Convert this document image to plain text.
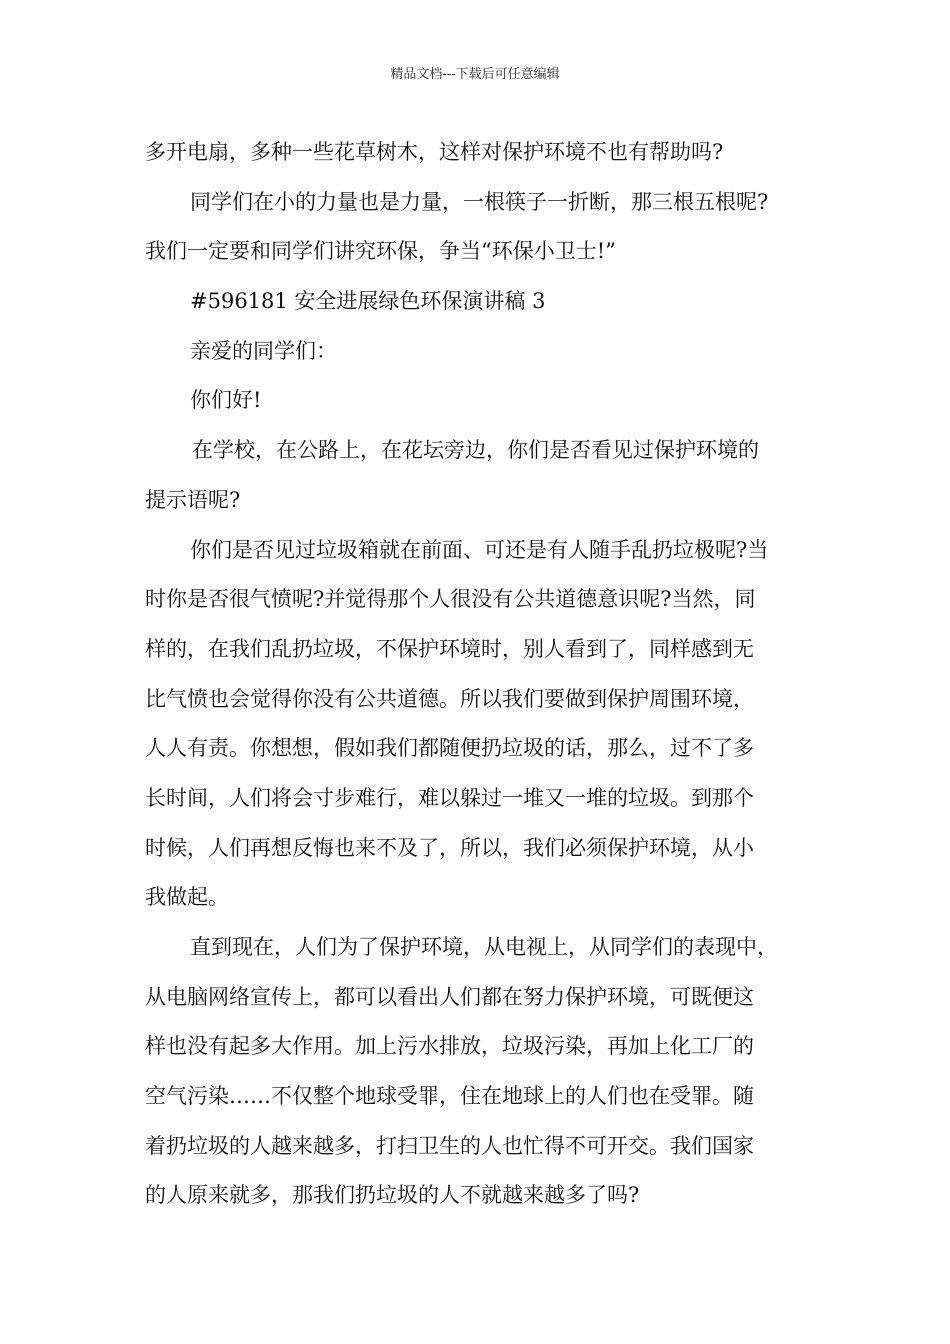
精品文档---下载后可任意编辑
多开电扇，多种一些花草树木，这样对保护环境不也有帮助吗?
同学们在小的力量也是力量，一根筷子一折断，那三根五根呢?
我们一定要和同学们讲究环保，争当“环保小卫士!”
#596181 安全进展绿色环保演讲稿 3
亲爱的同学们：
你们好!
在学校，在公路上，在花坛旁边，你们是否看见过保护环境的
提示语呢?
你们是否见过垃圾箱就在前面、可还是有人随手乱扔垃极呢?当
时你是否很气愤呢?并觉得那个人很没有公共道德意识呢?当然，同
样的，在我们乱扔垃圾，不保护环境时，别人看到了，同样感到无
比气愤也会觉得你没有公共道德。所以我们要做到保护周围环境，
人人有责。你想想，假如我们都随便扔垃圾的话，那么，过不了多
长时间，人们将会寸步难行，难以躲过一堆又一堆的垃圾。到那个
时候，人们再想反悔也来不及了，所以，我们必须保护环境，从小
我做起。
直到现在，人们为了保护环境，从电视上，从同学们的表现中，
从电脑网络宣传上，都可以看出人们都在努力保护环境，可既便这
样也没有起多大作用。加上污水排放，垃圾污染，再加上化工厂的
空气污染……不仅整个地球受罪，住在地球上的人们也在受罪。随
着扔垃圾的人越来越多，打扫卫生的人也忙得不可开交。我们国家
的人原来就多，那我们扔垃圾的人不就越来越多了吗?
